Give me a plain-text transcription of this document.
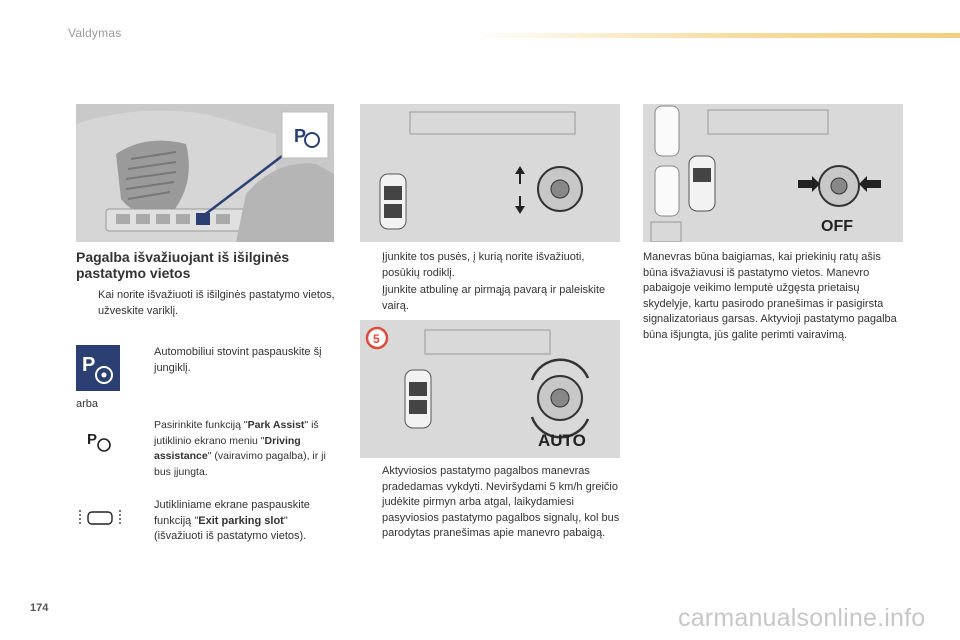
Valdymas
P
OFF
5
AUTO
Pagalba išvažiuojant iš išilginės pastatymo vietos
Kai norite išvažiuoti iš išilginės pastatymo vietos, užveskite variklį.
P
Automobiliui stovint paspauskite šį jungiklį.
arba
P
Pasirinkite funkciją "Park Assist" iš jutiklinio ekrano meniu "Driving assistance" (vairavimo pagalba), ir ji bus įjungta.
Jutikliniame ekrane paspauskite funkciją "Exit parking slot" (išvažiuoti iš pastatymo vietos).
Įjunkite tos pusės, į kurią norite išvažiuoti, posūkių rodiklį.
Įjunkite atbulinę ar pirmąją pavarą ir paleiskite vairą.
Aktyviosios pastatymo pagalbos manevras pradedamas vykdyti. Neviršydami 5 km/h greičio judėkite pirmyn arba atgal, laikydamiesi pasyviosios pastatymo pagalbos signalų, kol bus parodytas pranešimas apie manevro pabaigą.
Manevras būna baigiamas, kai priekinių ratų ašis būna išvažiavusi iš pastatymo vietos. Manevro pabaigoje veikimo lemputė užgęsta prietaisų skydelyje, kartu pasirodo pranešimas ir pasigirsta signalizatoriaus garsas. Aktyvioji pastatymo pagalba būna išjungta, jūs galite perimti vairavimą.
174	carmanualsonline.info
